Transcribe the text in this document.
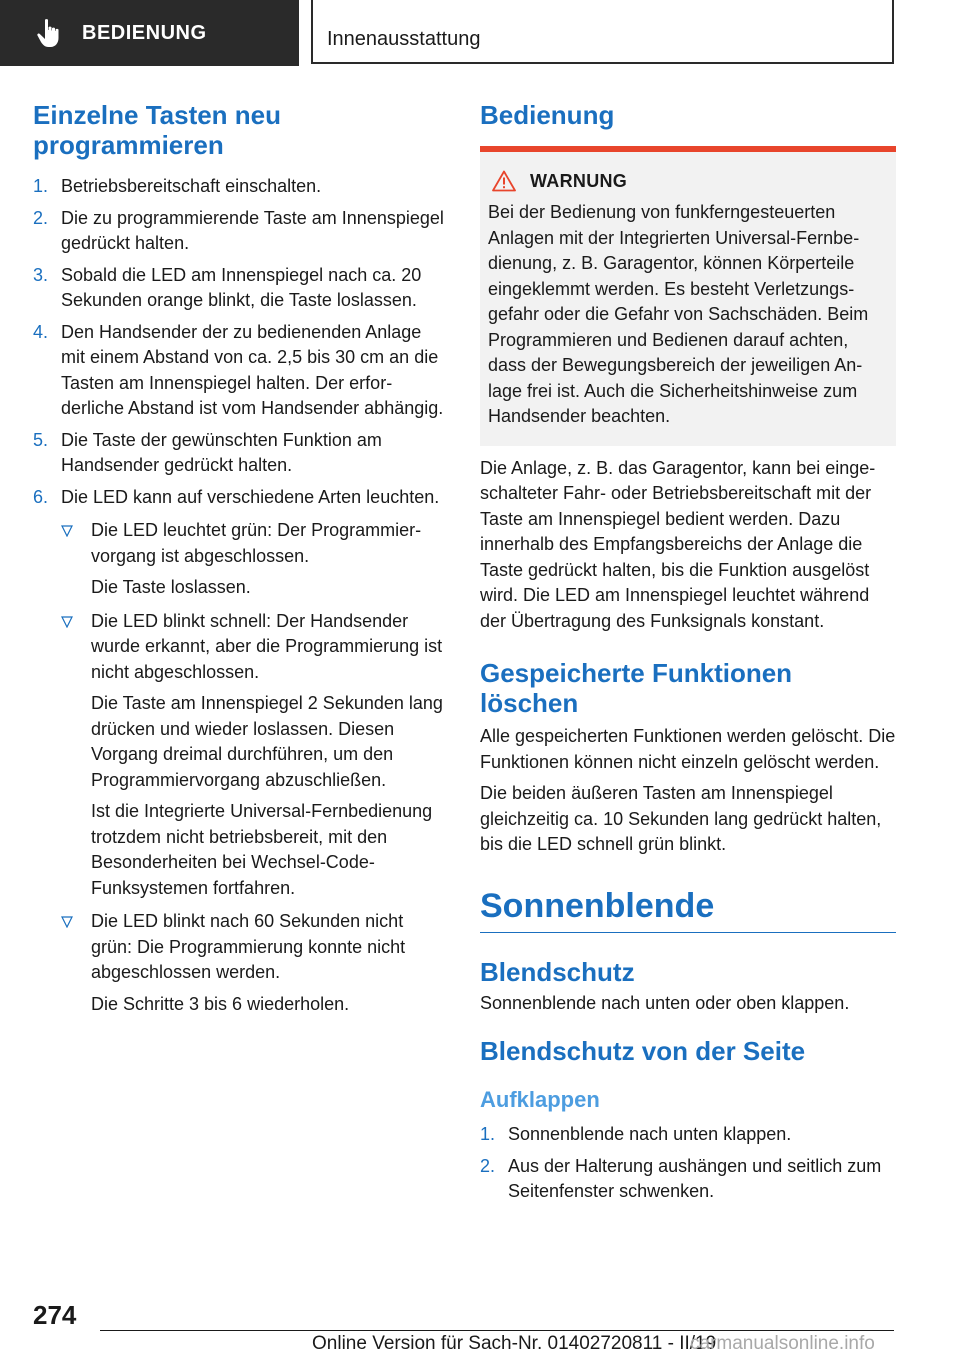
BEDIENUNG	Innenausstattung
Einzelne Tasten neu programmieren
1. Betriebsbereitschaft einschalten.
2. Die zu programmierende Taste am Innenspiegel gedrückt halten.
3. Sobald die LED am Innenspiegel nach ca. 20 Sekunden orange blinkt, die Taste loslassen.
4. Den Handsender der zu bedienenden Anlage mit einem Abstand von ca. 2,5 bis 30 cm an die Tasten am Innenspiegel halten. Der erforderliche Abstand ist vom Handsender abhängig.
5. Die Taste der gewünschten Funktion am Handsender gedrückt halten.
6. Die LED kann auf verschiedene Arten leuchten.

Die LED leuchtet grün: Der Programmiervorgang ist abgeschlossen.

Die Taste loslassen.

Die LED blinkt schnell: Der Handsender wurde erkannt, aber die Programmierung ist nicht abgeschlossen.

Die Taste am Innenspiegel 2 Sekunden lang drücken und wieder loslassen. Diesen Vorgang dreimal durchführen, um den Programmiervorgang abzuschließen.

Ist die Integrierte Universal-Fernbedienung trotzdem nicht betriebsbereit, mit den Besonderheiten bei Wechsel-Code-Funksystemen fortfahren.

Die LED blinkt nach 60 Sekunden nicht grün: Die Programmierung konnte nicht abgeschlossen werden.

Die Schritte 3 bis 6 wiederholen.

Bedienung
WARNUNG

Bei der Bedienung von funkferngesteuerten Anlagen mit der Integrierten Universal-Fernbedienung, z. B. Garagentor, können Körperteile eingeklemmt werden. Es besteht Verletzungsgefahr oder die Gefahr von Sachschäden. Beim Programmieren und Bedienen darauf achten, dass der Bewegungsbereich der jeweiligen Anlage frei ist. Auch die Sicherheitshinweise zum Handsender beachten.

Die Anlage, z. B. das Garagentor, kann bei eingeschalteter Fahr- oder Betriebsbereitschaft mit der Taste am Innenspiegel bedient werden. Dazu innerhalb des Empfangsbereichs der Anlage die Taste gedrückt halten, bis die Funktion ausgelöst wird. Die LED am Innenspiegel leuchtet während der Übertragung des Funksignals konstant.

Gespeicherte Funktionen löschen

Alle gespeicherten Funktionen werden gelöscht. Die Funktionen können nicht einzeln gelöscht werden.

Die beiden äußeren Tasten am Innenspiegel gleichzeitig ca. 10 Sekunden lang gedrückt halten, bis die LED schnell grün blinkt.

Sonnenblende
Blendschutz

Sonnenblende nach unten oder oben klappen.

Blendschutz von der Seite
Aufklappen
1. Sonnenblende nach unten klappen.
2. Aus der Halterung aushängen und seitlich zum Seitenfenster schwenken.
274
Online Version für Sach-Nr. 01402720811 - II/19
carmanualsonline.info
